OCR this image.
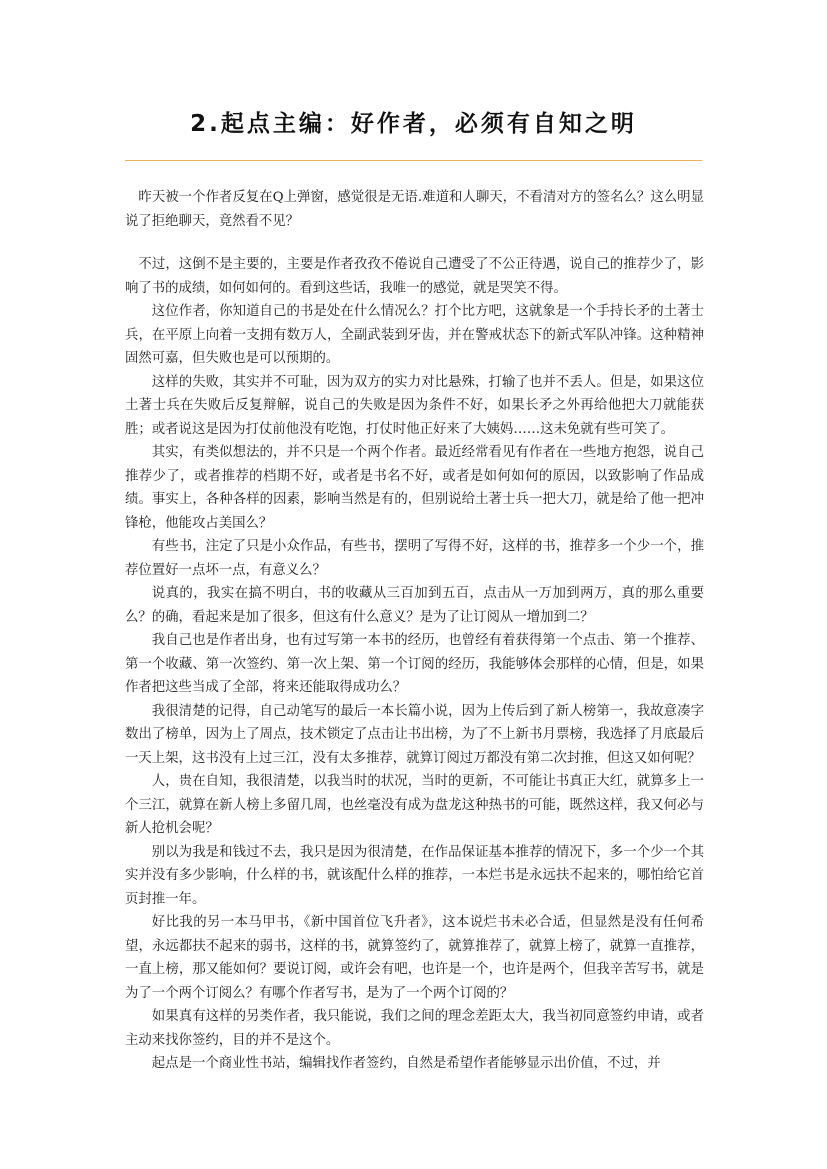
2.起点主编：好作者，必须有自知之明

昨天被一个作者反复在Q上弹窗，感觉很是无语.难道和人聊天，不看清对方的签名么？这么明显说了拒绝聊天，竟然看不见？

不过，这倒不是主要的，主要是作者孜孜不倦说自己遭受了不公正待遇，说自己的推荐少了，影响了书的成绩，如何如何的。看到这些话，我唯一的感觉，就是哭笑不得。

这位作者，你知道自己的书是处在什么情况么？打个比方吧，这就象是一个手持长矛的土著士兵，在平原上向着一支拥有数万人，全副武装到牙齿，并在警戒状态下的新式军队冲锋。这种精神固然可嘉，但失败也是可以预期的。

这样的失败，其实并不可耻，因为双方的实力对比悬殊，打输了也并不丢人。但是，如果这位土著士兵在失败后反复辩解，说自己的失败是因为条件不好，如果长矛之外再给他把大刀就能获胜；或者说这是因为打仗前他没有吃饱，打仗时他正好来了大姨妈……这未免就有些可笑了。

其实，有类似想法的，并不只是一个两个作者。最近经常看见有作者在一些地方抱怨，说自己推荐少了，或者推荐的档期不好，或者是书名不好，或者是如何如何的原因，以致影响了作品成绩。事实上，各种各样的因素，影响当然是有的，但别说给土著士兵一把大刀，就是给了他一把冲锋枪，他能攻占美国么？

有些书，注定了只是小众作品，有些书，摆明了写得不好，这样的书，推荐多一个少一个，推荐位置好一点坏一点，有意义么？

说真的，我实在搞不明白，书的收藏从三百加到五百，点击从一万加到两万，真的那么重要么？的确，看起来是加了很多，但这有什么意义？是为了让订阅从一增加到二？

我自己也是作者出身，也有过写第一本书的经历，也曾经有着获得第一个点击、第一个推荐、第一个收藏、第一次签约、第一次上架、第一个订阅的经历，我能够体会那样的心情，但是，如果作者把这些当成了全部，将来还能取得成功么？

我很清楚的记得，自己动笔写的最后一本长篇小说，因为上传后到了新人榜第一，我故意凑字数出了榜单，因为上了周点，技术锁定了点击让书出榜，为了不上新书月票榜，我选择了月底最后一天上架，这书没有上过三江，没有太多推荐，就算订阅过万都没有第二次封推，但这又如何呢？

人，贵在自知，我很清楚，以我当时的状况，当时的更新，不可能让书真正大红，就算多上一个三江，就算在新人榜上多留几周，也丝毫没有成为盘龙这种热书的可能，既然这样，我又何必与新人抢机会呢？

别以为我是和钱过不去，我只是因为很清楚，在作品保证基本推荐的情况下，多一个少一个其实并没有多少影响，什么样的书，就该配什么样的推荐，一本烂书是永远扶不起来的，哪怕给它首页封推一年。

好比我的另一本马甲书，《新中国首位飞升者》，这本说烂书未必合适，但显然是没有任何希望，永远都扶不起来的弱书，这样的书，就算签约了，就算推荐了，就算上榜了，就算一直推荐，一直上榜，那又能如何？要说订阅，或许会有吧，也许是一个，也许是两个，但我辛苦写书，就是为了一个两个订阅么？有哪个作者写书，是为了一个两个订阅的？

如果真有这样的另类作者，我只能说，我们之间的理念差距太大，我当初同意签约申请，或者主动来找你签约，目的并不是这个。

起点是一个商业性书站，编辑找作者签约，自然是希望作者能够显示出价值，不过，并
